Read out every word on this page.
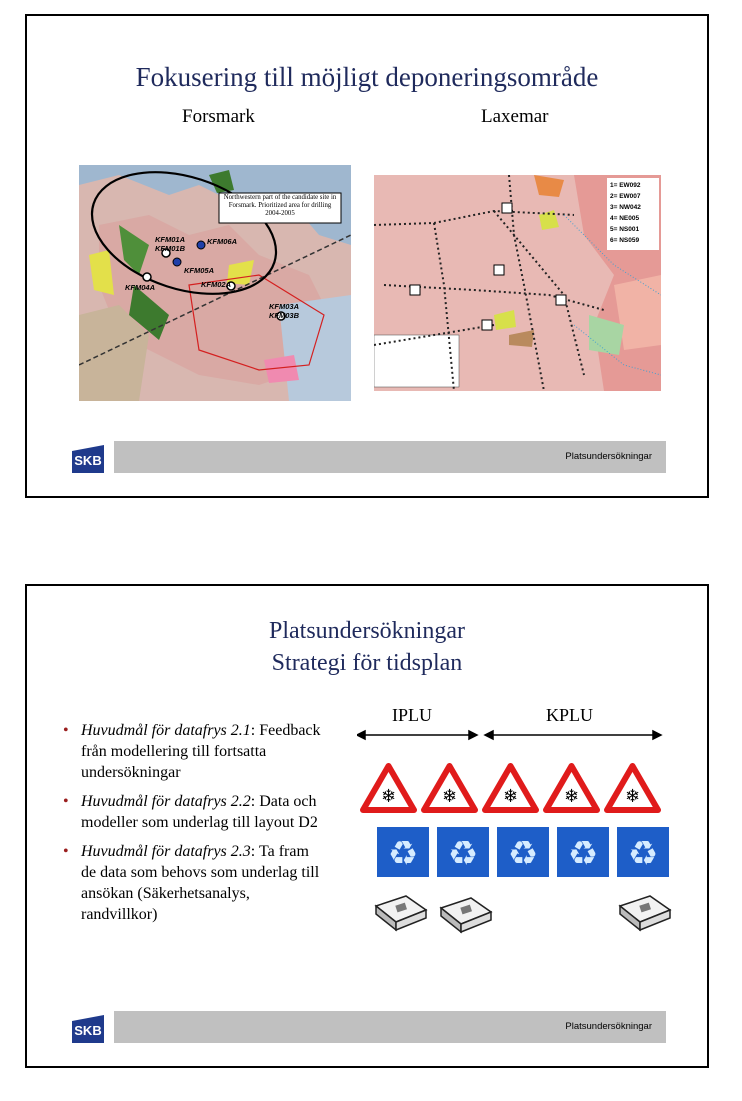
Fokusering till möjligt deponeringsområde
Forsmark	Laxemar
Northwestern part of the candidate site in Forsmark. Prioritized area for drilling 2004-2005
KFM01A
KFM01B
KFM06A
KFM05A
KFM04A	KFM02A
KFM03A
KFM03B
1= EW092
2= EW007
3= NW042
4= NE005
5= NS001
6= NS059
SKB	Platsundersökningar
Platsundersökningar
Strategi för tidsplan
• Huvudmål för datafrys 2.1: Feedback från modellering till fortsatta undersökningar
• Huvudmål för datafrys 2.2: Data och modeller som underlag till layout D2
• Huvudmål för datafrys 2.3: Ta fram de data som behovs som underlag till ansökan (Säkerhetsanalys, randvillkor)
IPLU	KPLU
❄	❄	❄	❄	❄
♻ ♻ ♻ ♻ ♻
SKB	Platsundersökningar
